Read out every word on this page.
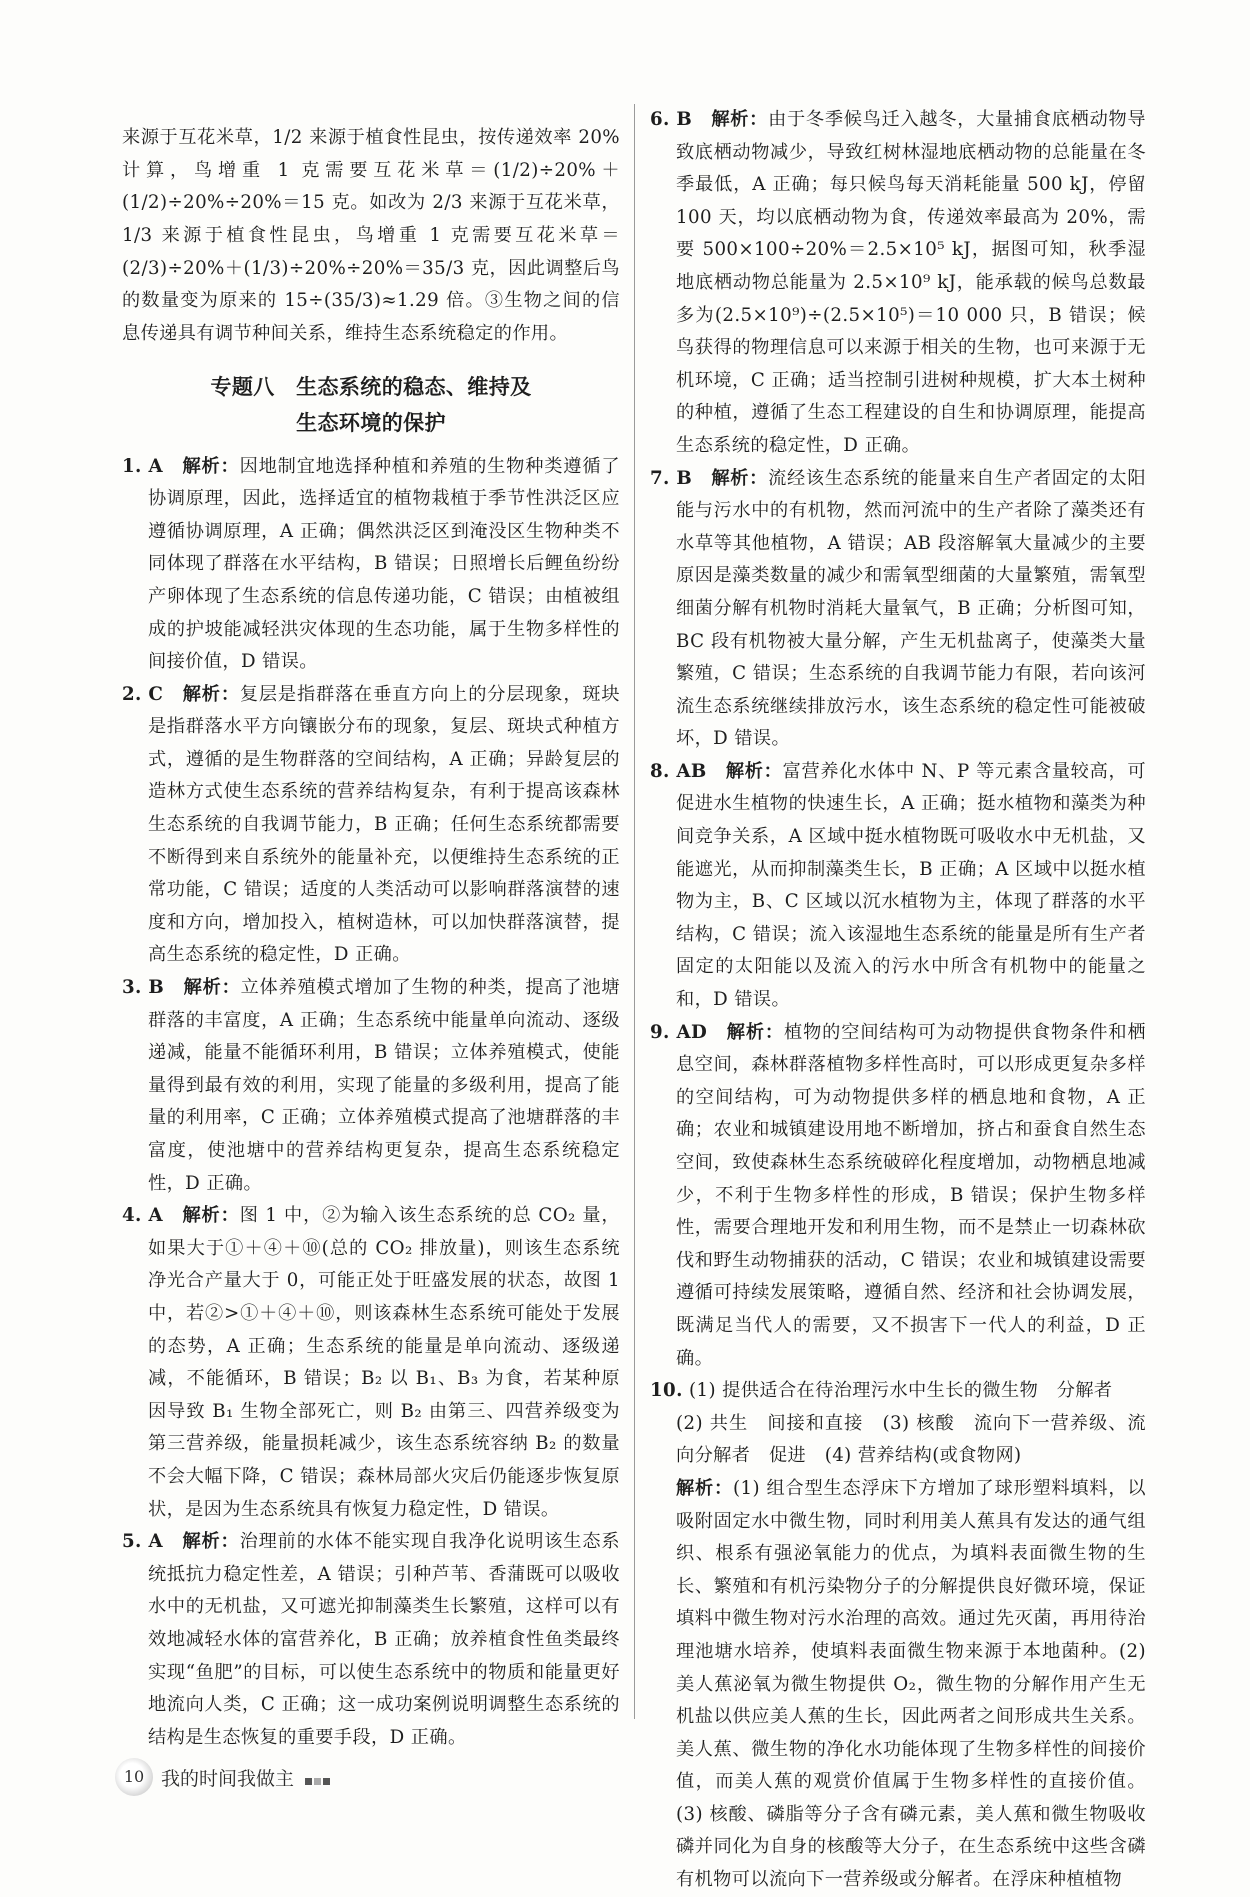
来源于互花米草，1/2 来源于植食性昆虫，按传递效率 20%计算，鸟增重 1 克需要互花米草＝(1/2)÷20%＋(1/2)÷20%÷20%＝15 克。如改为 2/3 来源于互花米草，1/3 来源于植食性昆虫，鸟增重 1 克需要互花米草＝(2/3)÷20%＋(1/3)÷20%÷20%＝35/3 克，因此调整后鸟的数量变为原来的 15÷(35/3)≈1.29 倍。③生物之间的信息传递具有调节种间关系，维持生态系统稳定的作用。

专题八　生态系统的稳态、维持及
生态环境的保护

1. A　 解析：因地制宜地选择种植和养殖的生物种类遵循了协调原理，因此，选择适宜的植物栽植于季节性洪泛区应遵循协调原理，A 正确；偶然洪泛区到淹没区生物种类不同体现了群落在水平结构，B 错误；日照增长后鲤鱼纷纷产卵体现了生态系统的信息传递功能，C 错误；由植被组成的护坡能减轻洪灾体现的生态功能，属于生物多样性的间接价值，D 错误。

2. C　 解析：复层是指群落在垂直方向上的分层现象，斑块是指群落水平方向镶嵌分布的现象，复层、斑块式种植方式，遵循的是生物群落的空间结构，A 正确；异龄复层的造林方式使生态系统的营养结构复杂，有利于提高该森林生态系统的自我调节能力，B 正确；任何生态系统都需要不断得到来自系统外的能量补充，以便维持生态系统的正常功能，C 错误；适度的人类活动可以影响群落演替的速度和方向，增加投入，植树造林，可以加快群落演替，提高生态系统的稳定性，D 正确。

3. B　 解析：立体养殖模式增加了生物的种类，提高了池塘群落的丰富度，A 正确；生态系统中能量单向流动、逐级递减，能量不能循环利用，B 错误；立体养殖模式，使能量得到最有效的利用，实现了能量的多级利用，提高了能量的利用率，C 正确；立体养殖模式提高了池塘群落的丰富度，使池塘中的营养结构更复杂，提高生态系统稳定性，D 正确。

4. A　 解析：图 1 中，②为输入该生态系统的总 CO₂ 量，如果大于①＋④＋⑩(总的 CO₂ 排放量)，则该生态系统净光合产量大于 0，可能正处于旺盛发展的状态，故图 1 中，若②>①＋④＋⑩，则该森林生态系统可能处于发展的态势，A 正确；生态系统的能量是单向流动、逐级递减，不能循环，B 错误；B₂ 以 B₁、B₃ 为食，若某种原因导致 B₁ 生物全部死亡，则 B₂ 由第三、四营养级变为第三营养级，能量损耗减少，该生态系统容纳 B₂ 的数量不会大幅下降，C 错误；森林局部火灾后仍能逐步恢复原状，是因为生态系统具有恢复力稳定性，D 错误。

5. A　 解析：治理前的水体不能实现自我净化说明该生态系统抵抗力稳定性差，A 错误；引种芦苇、香蒲既可以吸收水中的无机盐，又可遮光抑制藻类生长繁殖，这样可以有效地减轻水体的富营养化，B 正确；放养植食性鱼类最终实现“鱼肥”的目标，可以使生态系统中的物质和能量更好地流向人类，C 正确；这一成功案例说明调整生态系统的结构是生态恢复的重要手段，D 正确。

6. B　 解析：由于冬季候鸟迁入越冬，大量捕食底栖动物导致底栖动物减少，导致红树林湿地底栖动物的总能量在冬季最低，A 正确；每只候鸟每天消耗能量 500 kJ，停留 100 天，均以底栖动物为食，传递效率最高为 20%，需要 500×100÷20%＝2.5×10⁵ kJ，据图可知，秋季湿地底栖动物总能量为 2.5×10⁹ kJ，能承载的候鸟总数最多为(2.5×10⁹)÷(2.5×10⁵)＝10 000 只，B 错误；候鸟获得的物理信息可以来源于相关的生物，也可来源于无机环境，C 正确；适当控制引进树种规模，扩大本土树种的种植，遵循了生态工程建设的自生和协调原理，能提高生态系统的稳定性，D 正确。

7. B　 解析：流经该生态系统的能量来自生产者固定的太阳能与污水中的有机物，然而河流中的生产者除了藻类还有水草等其他植物，A 错误；AB 段溶解氧大量减少的主要原因是藻类数量的减少和需氧型细菌的大量繁殖，需氧型细菌分解有机物时消耗大量氧气，B 正确；分析图可知，BC 段有机物被大量分解，产生无机盐离子，使藻类大量繁殖，C 错误；生态系统的自我调节能力有限，若向该河流生态系统继续排放污水，该生态系统的稳定性可能被破坏，D 错误。

8. AB　 解析：富营养化水体中 N、P 等元素含量较高，可促进水生植物的快速生长，A 正确；挺水植物和藻类为种间竞争关系，A 区域中挺水植物既可吸收水中无机盐，又能遮光，从而抑制藻类生长，B 正确；A 区域中以挺水植物为主，B、C 区域以沉水植物为主，体现了群落的水平结构，C 错误；流入该湿地生态系统的能量是所有生产者固定的太阳能以及流入的污水中所含有机物中的能量之和，D 错误。

9. AD　 解析：植物的空间结构可为动物提供食物条件和栖息空间，森林群落植物多样性高时，可以形成更复杂多样的空间结构，可为动物提供多样的栖息地和食物，A 正确；农业和城镇建设用地不断增加，挤占和蚕食自然生态空间，致使森林生态系统破碎化程度增加，动物栖息地减少，不利于生物多样性的形成，B 错误；保护生物多样性，需要合理地开发和利用生物，而不是禁止一切森林砍伐和野生动物捕获的活动，C 错误；农业和城镇建设需要遵循可持续发展策略，遵循自然、经济和社会协调发展，既满足当代人的需要，又不损害下一代人的利益，D 正确。

10. (1) 提供适合在待治理污水中生长的微生物　分解者

(2) 共生　间接和直接　(3) 核酸　流向下一营养级、流向分解者　促进　(4) 营养结构(或食物网)

解析：(1) 组合型生态浮床下方增加了球形塑料填料，以吸附固定水中微生物，同时利用美人蕉具有发达的通气组织、根系有强泌氧能力的优点，为填料表面微生物的生长、繁殖和有机污染物分子的分解提供良好微环境，保证填料中微生物对污水治理的高效。通过先灭菌，再用待治理池塘水培养，使填料表面微生物来源于本地菌种。(2) 美人蕉泌氧为微生物提供 O₂，微生物的分解作用产生无机盐以供应美人蕉的生长，因此两者之间形成共生关系。美人蕉、微生物的净化水功能体现了生物多样性的间接价值，而美人蕉的观赏价值属于生物多样性的直接价值。(3) 核酸、磷脂等分子含有磷元素，美人蕉和微生物吸收磷并同化为自身的核酸等大分子，在生态系统中这些含磷有机物可以流向下一营养级或分解者。在浮床种植植物

10 我的时间我做主
